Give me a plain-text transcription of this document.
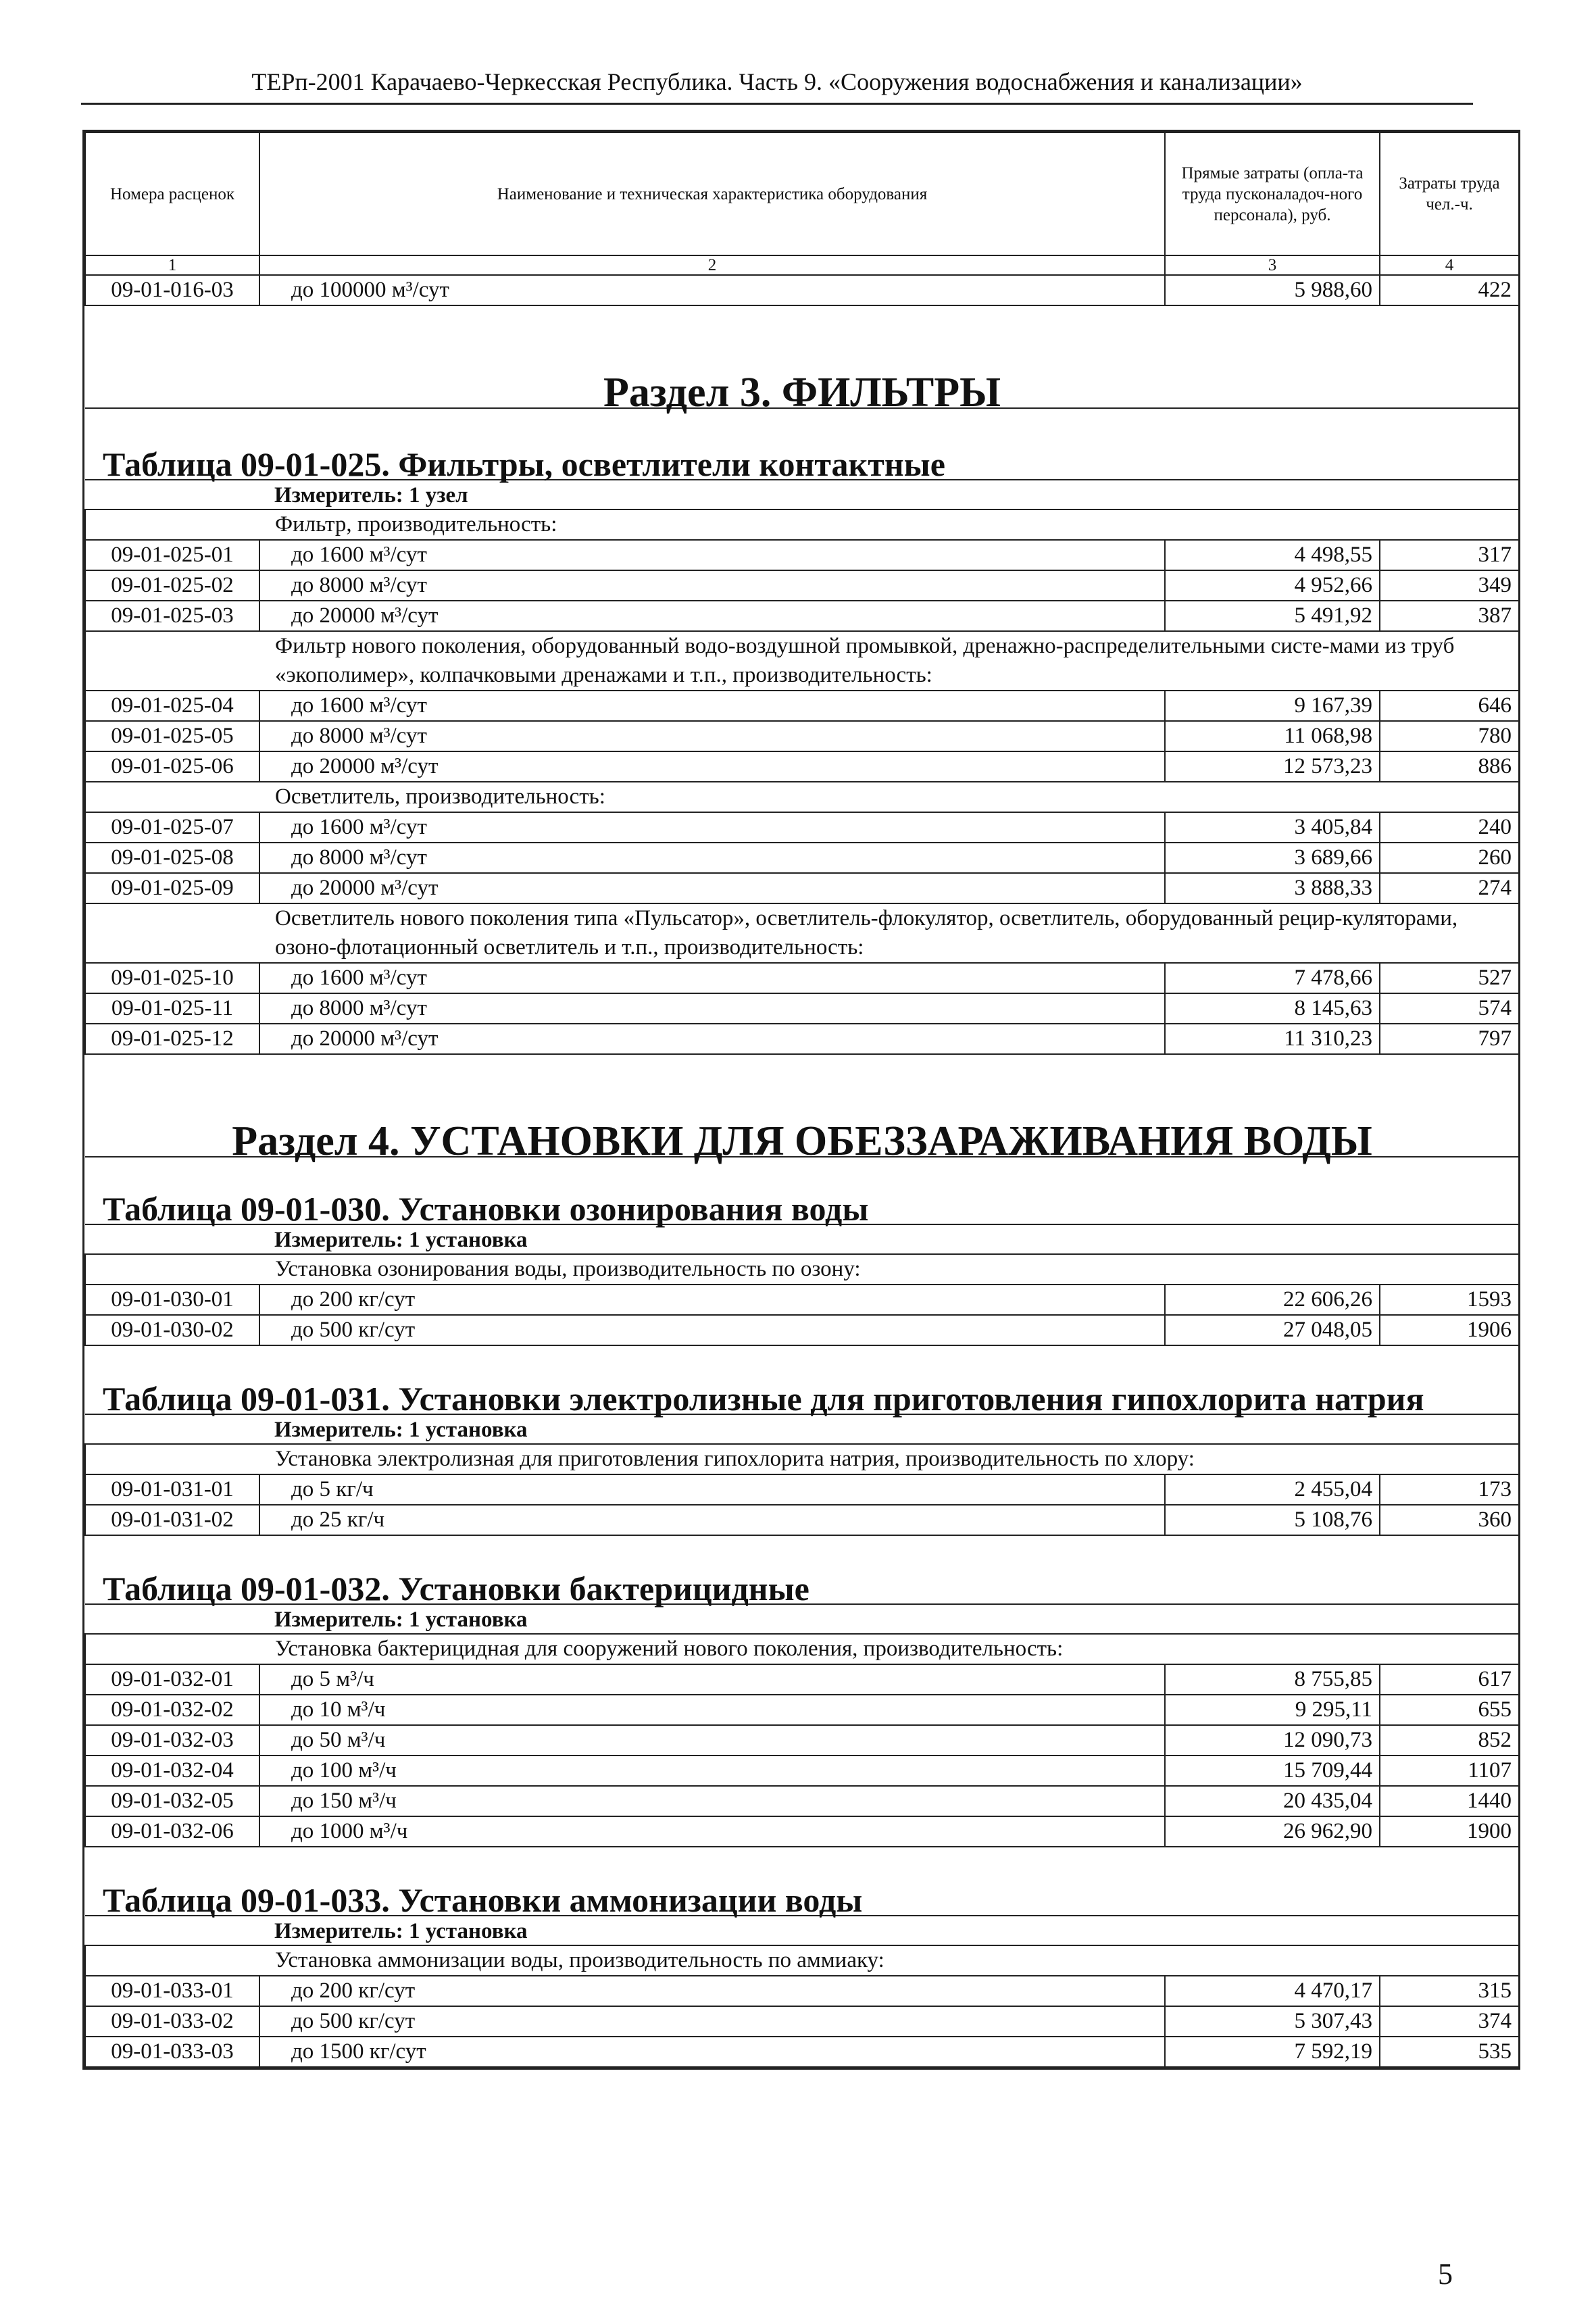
ТЕРп-2001 Карачаево-Черкесская Республика. Часть 9. «Сооружения водоснабжения и канализации»
Номера расценок	Наименование и техническая характеристика оборудования	Прямые затраты (опла-та труда пусконаладоч-ного персонала), руб.	Затраты труда чел.-ч.
1	2	3	4
09-01-016-03	до 100000 м³/сут	5 988,60	422
Раздел 3. ФИЛЬТРЫ			
Таблица 09-01-025. Фильтры, осветлители контактные			
Измеритель: 1 узел			
Фильтр, производительность:			
09-01-025-01	до 1600 м³/сут	4 498,55	317
09-01-025-02	до 8000 м³/сут	4 952,66	349
09-01-025-03	до 20000 м³/сут	5 491,92	387
Фильтр нового поколения, оборудованный водо-воздушной промывкой, дренажно-распределительными систе-мами из труб «экополимер», колпачковыми дренажами и т.п., производительность:			
09-01-025-04	до 1600 м³/сут	9 167,39	646
09-01-025-05	до 8000 м³/сут	11 068,98	780
09-01-025-06	до 20000 м³/сут	12 573,23	886
Осветлитель, производительность:			
09-01-025-07	до 1600 м³/сут	3 405,84	240
09-01-025-08	до 8000 м³/сут	3 689,66	260
09-01-025-09	до 20000 м³/сут	3 888,33	274
Осветлитель нового поколения типа «Пульсатор», осветлитель-флокулятор, осветлитель, оборудованный рецир-куляторами, озоно-флотационный осветлитель и т.п., производительность:			
09-01-025-10	до 1600 м³/сут	7 478,66	527
09-01-025-11	до 8000 м³/сут	8 145,63	574
09-01-025-12	до 20000 м³/сут	11 310,23	797
Раздел 4. УСТАНОВКИ ДЛЯ ОБЕЗЗАРАЖИВАНИЯ ВОДЫ			
Таблица 09-01-030. Установки озонирования воды			
Измеритель: 1 установка			
Установка озонирования воды, производительность по озону:			
09-01-030-01	до 200 кг/сут	22 606,26	1593
09-01-030-02	до 500 кг/сут	27 048,05	1906
Таблица 09-01-031. Установки электролизные для приготовления гипохлорита натрия			
Измеритель: 1 установка			
Установка электролизная для приготовления гипохлорита натрия, производительность по хлору:			
09-01-031-01	до 5 кг/ч	2 455,04	173
09-01-031-02	до 25 кг/ч	5 108,76	360
Таблица 09-01-032. Установки бактерицидные			
Измеритель: 1 установка			
Установка бактерицидная для сооружений нового поколения, производительность:			
09-01-032-01	до 5 м³/ч	8 755,85	617
09-01-032-02	до 10 м³/ч	9 295,11	655
09-01-032-03	до 50 м³/ч	12 090,73	852
09-01-032-04	до 100 м³/ч	15 709,44	1107
09-01-032-05	до 150 м³/ч	20 435,04	1440
09-01-032-06	до 1000 м³/ч	26 962,90	1900
Таблица 09-01-033. Установки аммонизации воды			
Измеритель: 1 установка			
Установка аммонизации воды, производительность по аммиаку:			
09-01-033-01	до 200 кг/сут	4 470,17	315
09-01-033-02	до 500 кг/сут	5 307,43	374
09-01-033-03	до 1500 кг/сут	7 592,19	535
5
